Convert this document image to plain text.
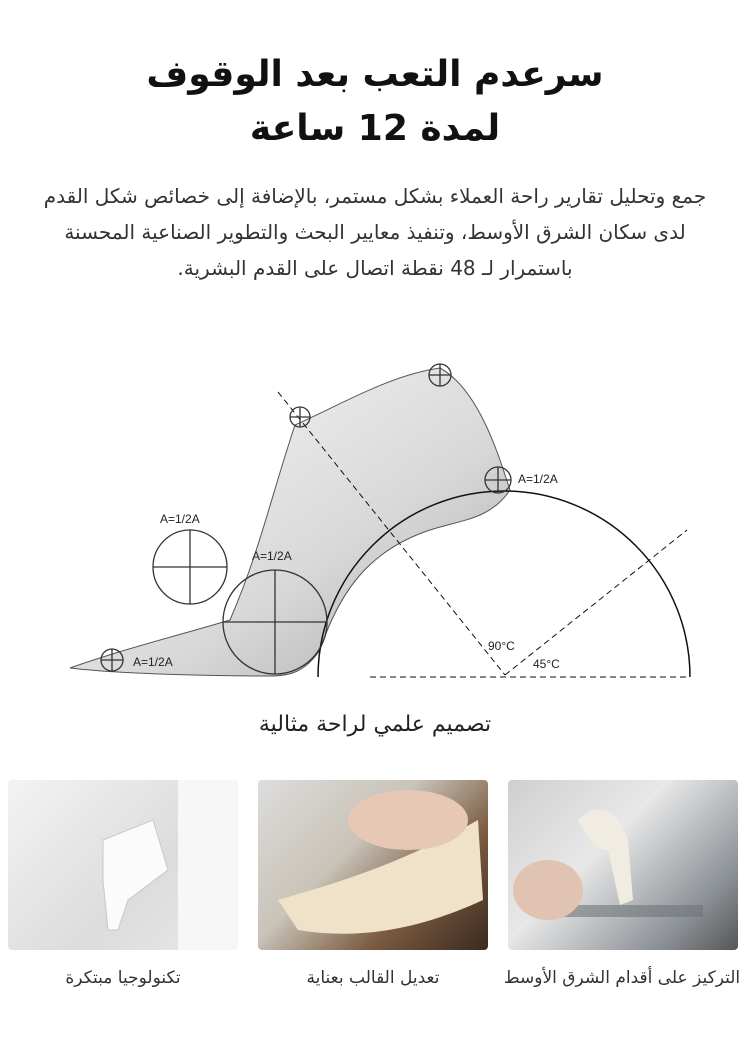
سرعدم التعب بعد الوقوف
لمدة 12 ساعة
جمع وتحليل تقارير راحة العملاء بشكل مستمر، بالإضافة إلى خصائص شكل القدم لدى سكان الشرق الأوسط، وتنفيذ معايير البحث والتطوير الصناعية المحسنة باستمرار لـ 48 نقطة اتصال على القدم البشرية.
A=1/2A
A=1/2A
A=1/2A
A=1/2A
90°C
45°C
تصميم علمي لراحة مثالية
التركيز على أقدام الشرق الأوسط
تعديل القالب بعناية
تكنولوجيا مبتكرة
